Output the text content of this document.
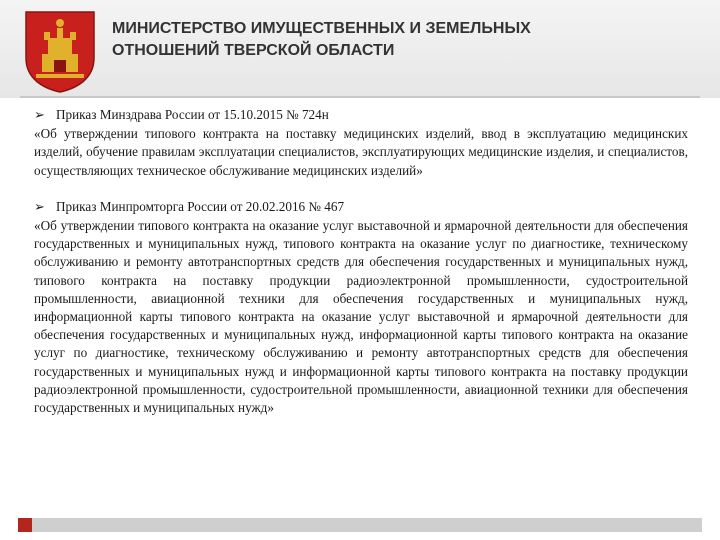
МИНИСТЕРСТВО ИМУЩЕСТВЕННЫХ И ЗЕМЕЛЬНЫХ
ОТНОШЕНИЙ ТВЕРСКОЙ ОБЛАСТИ

➢ Приказ Минздрава России от 15.10.2015 № 724н

«Об утверждении типового контракта на поставку медицинских изделий, ввод в эксплуатацию медицинских изделий, обучение правилам эксплуатации специалистов, эксплуатирующих медицинские изделия, и специалистов, осуществляющих техническое обслуживание медицинских изделий»

➢ Приказ Минпромторга России от 20.02.2016 № 467

«Об утверждении типового контракта на оказание услуг выставочной и ярмарочной деятельности для обеспечения государственных и муниципальных нужд, типового контракта на оказание услуг по диагностике, техническому обслуживанию и ремонту автотранспортных средств для обеспечения государственных и муниципальных нужд, типового контракта на поставку продукции радиоэлектронной промышленности, судостроительной промышленности, авиационной техники для обеспечения государственных и муниципальных нужд, информационной карты типового контракта на оказание услуг выставочной и ярмарочной деятельности для обеспечения государственных и муниципальных нужд, информационной карты типового контракта на оказание услуг по диагностике, техническому обслуживанию и ремонту автотранспортных средств для обеспечения государственных и муниципальных нужд и информационной карты типового контракта на поставку продукции радиоэлектронной промышленности, судостроительной промышленности, авиационной техники для обеспечения государственных и муниципальных нужд»
